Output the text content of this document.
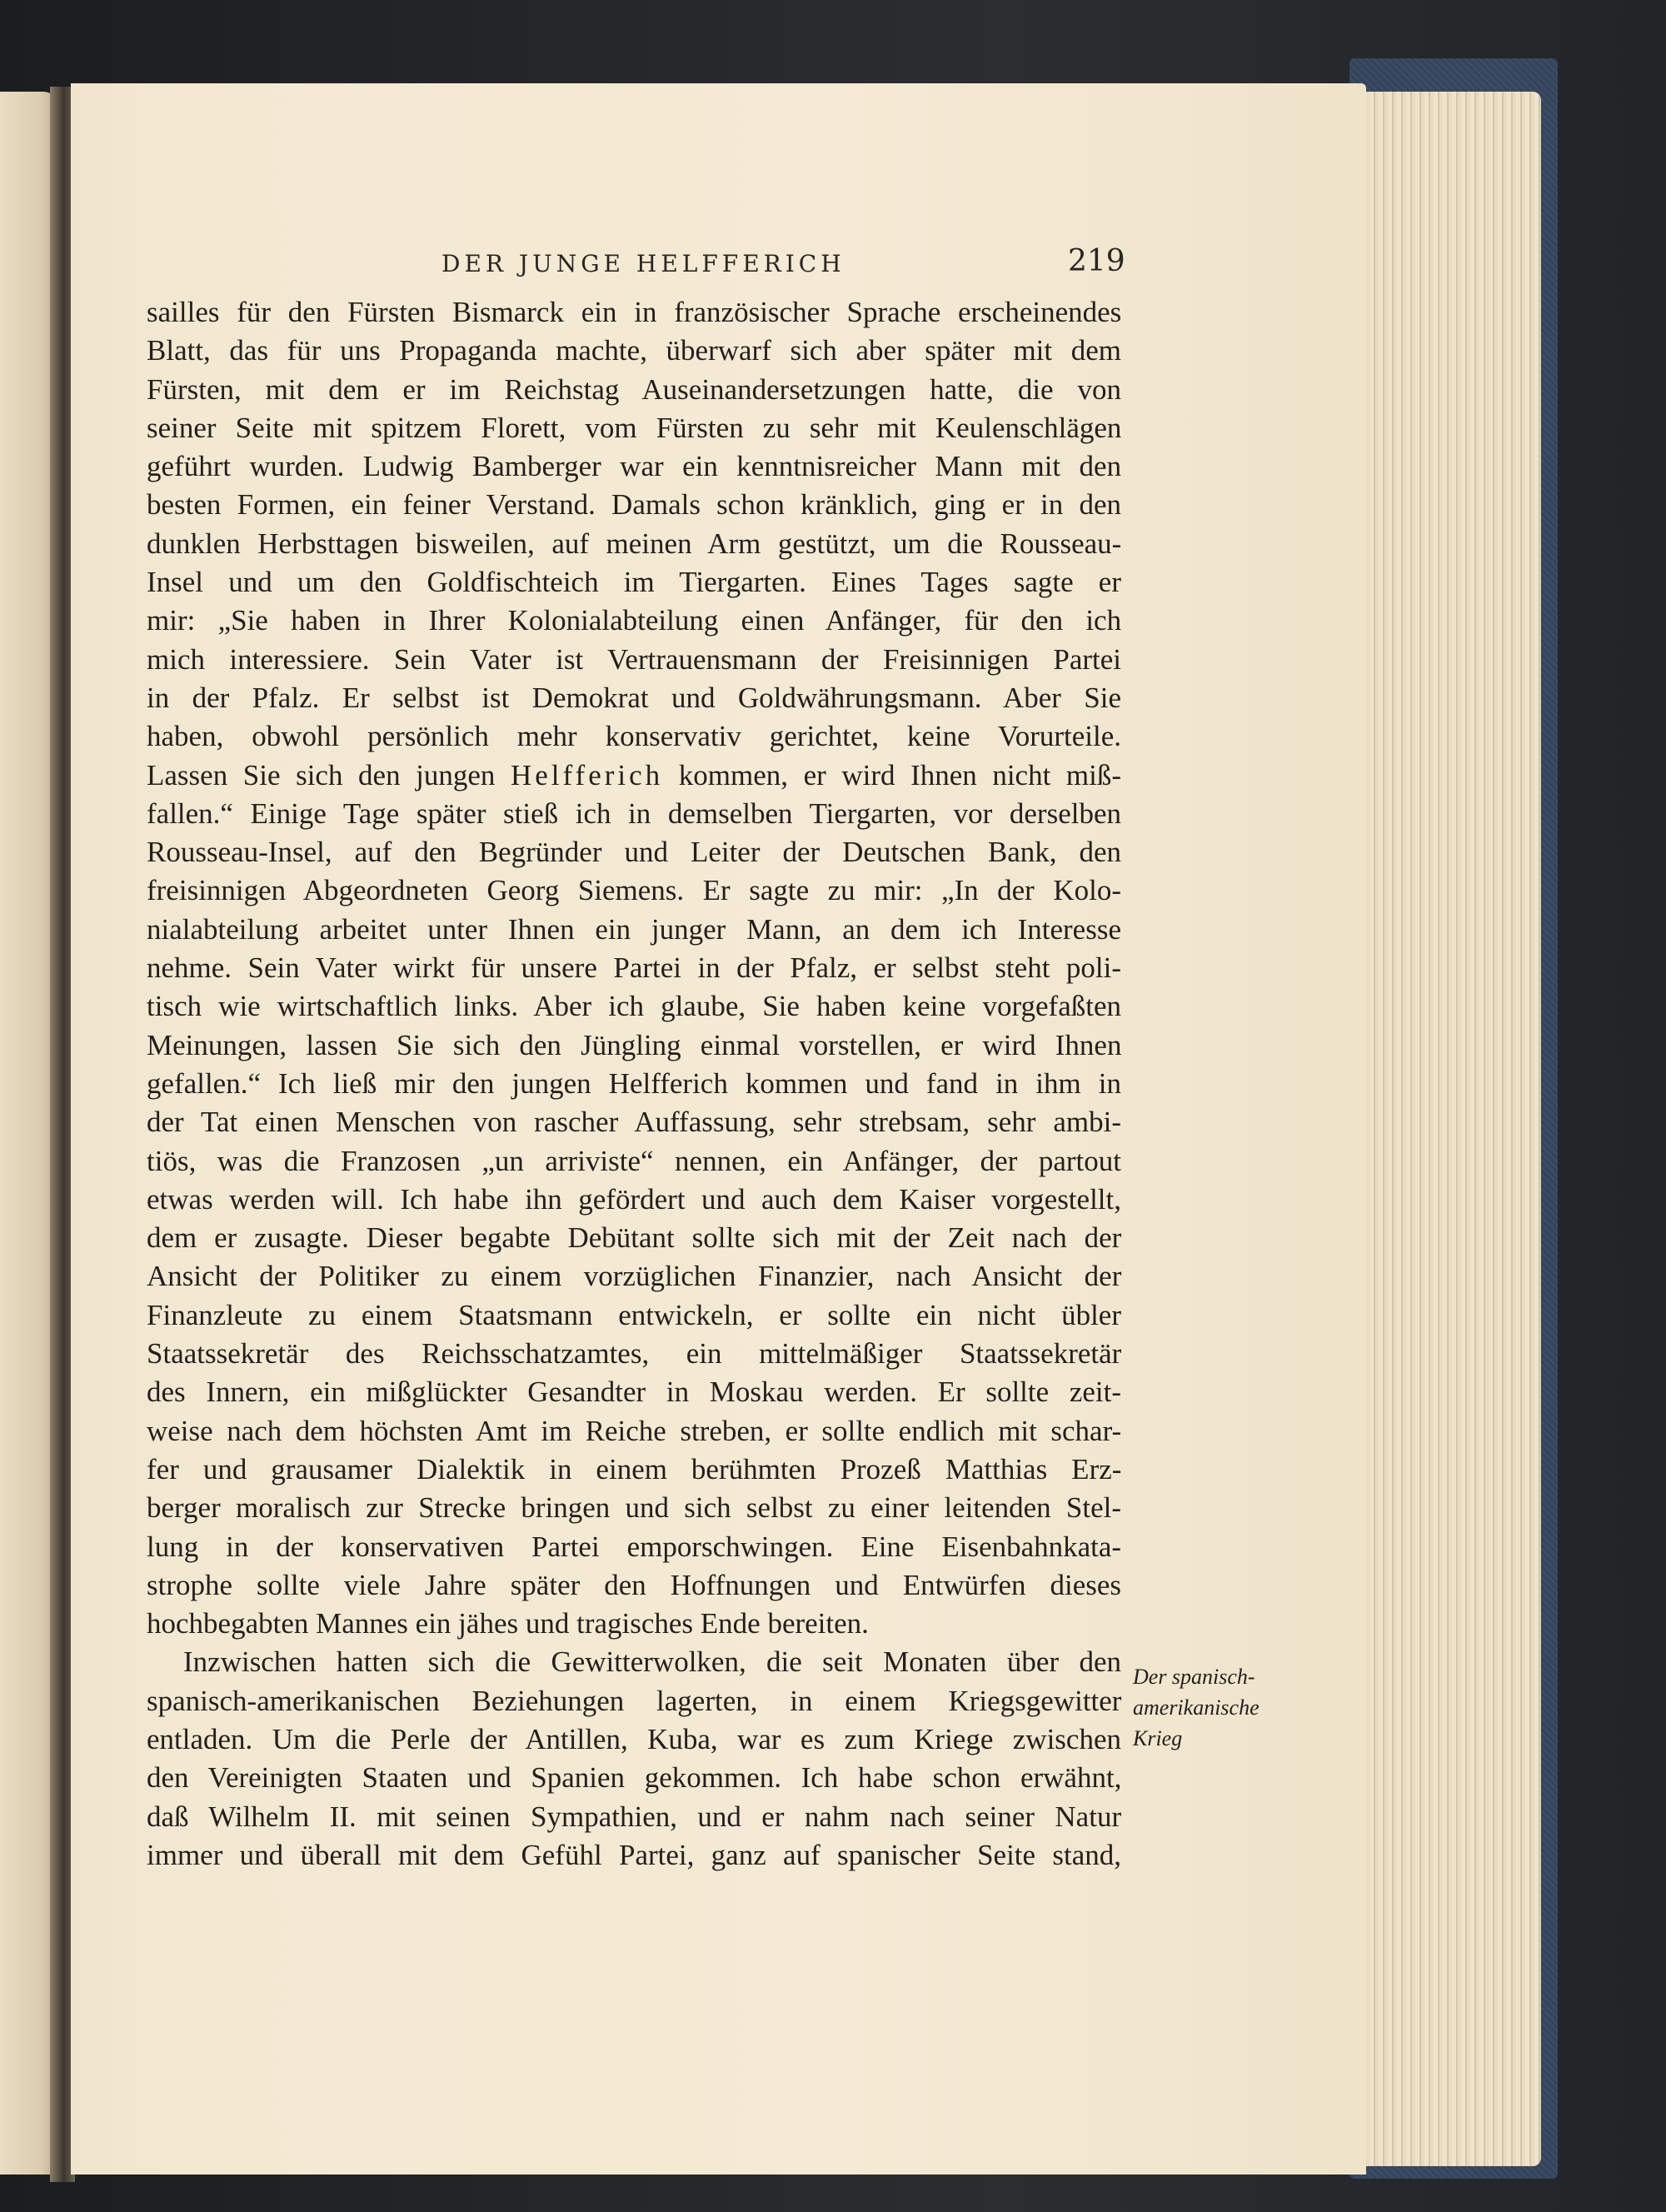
DER JUNGE HELFFERICH	219
sailles für den Fürsten Bismarck ein in französischer Sprache erscheinendes
Blatt, das für uns Propaganda machte, überwarf sich aber später mit dem
Fürsten, mit dem er im Reichstag Auseinandersetzungen hatte, die von
seiner Seite mit spitzem Florett, vom Fürsten zu sehr mit Keulenschlägen
geführt wurden. Ludwig Bamberger war ein kenntnisreicher Mann mit den
besten Formen, ein feiner Verstand. Damals schon kränklich, ging er in den
dunklen Herbsttagen bisweilen, auf meinen Arm gestützt, um die Rousseau-
Insel und um den Goldfischteich im Tiergarten. Eines Tages sagte er
mir: „Sie haben in Ihrer Kolonialabteilung einen Anfänger, für den ich
mich interessiere. Sein Vater ist Vertrauensmann der Freisinnigen Partei
in der Pfalz. Er selbst ist Demokrat und Goldwährungsmann. Aber Sie
haben, obwohl persönlich mehr konservativ gerichtet, keine Vorurteile.
Lassen Sie sich den jungen Helfferich kommen, er wird Ihnen nicht miß-
fallen.“ Einige Tage später stieß ich in demselben Tiergarten, vor derselben
Rousseau-Insel, auf den Begründer und Leiter der Deutschen Bank, den
freisinnigen Abgeordneten Georg Siemens. Er sagte zu mir: „In der Kolo-
nialabteilung arbeitet unter Ihnen ein junger Mann, an dem ich Interesse
nehme. Sein Vater wirkt für unsere Partei in der Pfalz, er selbst steht poli-
tisch wie wirtschaftlich links. Aber ich glaube, Sie haben keine vorgefaßten
Meinungen, lassen Sie sich den Jüngling einmal vorstellen, er wird Ihnen
gefallen.“ Ich ließ mir den jungen Helfferich kommen und fand in ihm in
der Tat einen Menschen von rascher Auffassung, sehr strebsam, sehr ambi-
tiös, was die Franzosen „un arriviste“ nennen, ein Anfänger, der partout
etwas werden will. Ich habe ihn gefördert und auch dem Kaiser vorgestellt,
dem er zusagte. Dieser begabte Debütant sollte sich mit der Zeit nach der
Ansicht der Politiker zu einem vorzüglichen Finanzier, nach Ansicht der
Finanzleute zu einem Staatsmann entwickeln, er sollte ein nicht übler
Staatssekretär des Reichsschatzamtes, ein mittelmäßiger Staatssekretär
des Innern, ein mißglückter Gesandter in Moskau werden. Er sollte zeit-
weise nach dem höchsten Amt im Reiche streben, er sollte endlich mit schar-
fer und grausamer Dialektik in einem berühmten Prozeß Matthias Erz-
berger moralisch zur Strecke bringen und sich selbst zu einer leitenden Stel-
lung in der konservativen Partei emporschwingen. Eine Eisenbahnkata-
strophe sollte viele Jahre später den Hoffnungen und Entwürfen dieses
hochbegabten Mannes ein jähes und tragisches Ende bereiten.
Inzwischen hatten sich die Gewitterwolken, die seit Monaten über den
spanisch-amerikanischen Beziehungen lagerten, in einem Kriegsgewitter
entladen. Um die Perle der Antillen, Kuba, war es zum Kriege zwischen
den Vereinigten Staaten und Spanien gekommen. Ich habe schon erwähnt,
daß Wilhelm II. mit seinen Sympathien, und er nahm nach seiner Natur
immer und überall mit dem Gefühl Partei, ganz auf spanischer Seite stand,
Der spanisch-
amerikanische
Krieg
